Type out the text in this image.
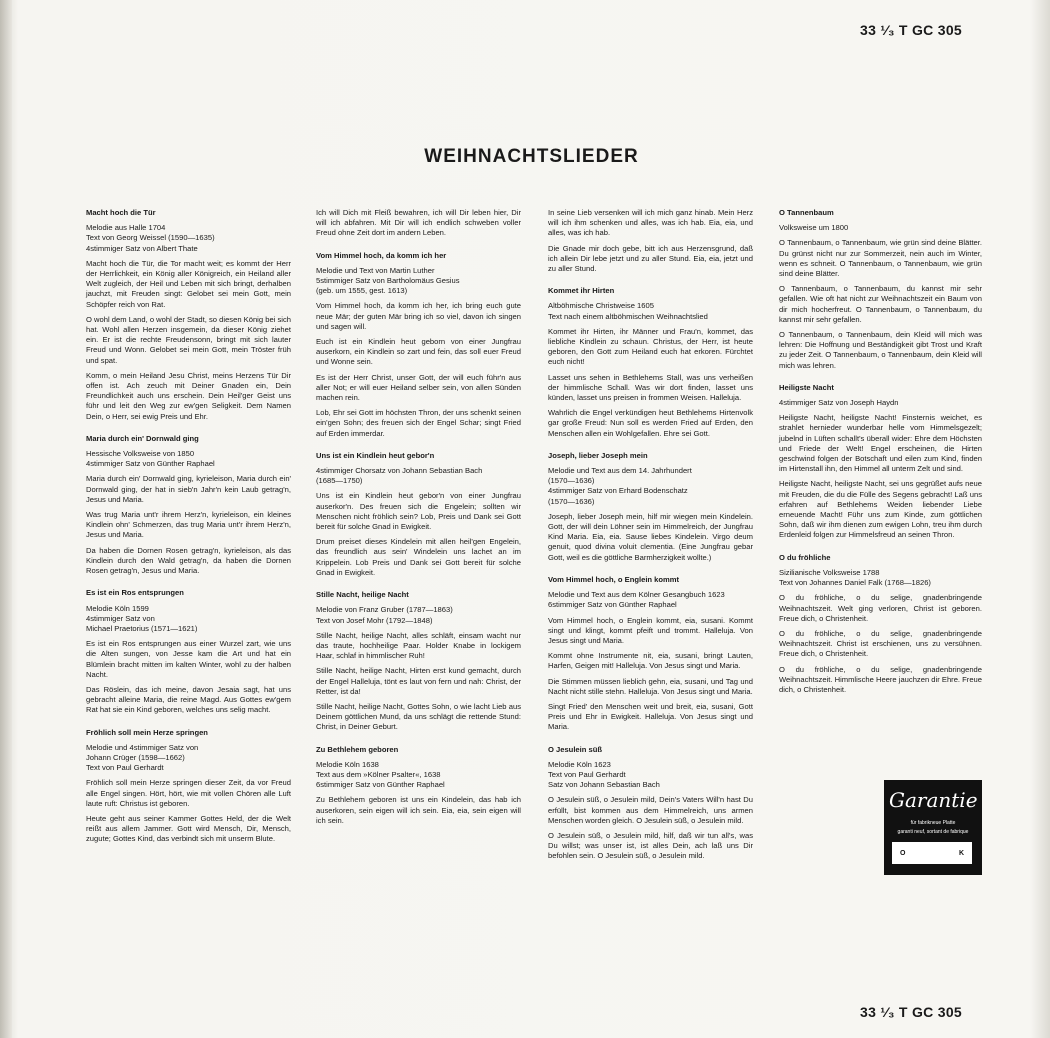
33 ¹⁄₃ T GC 305
33 ¹⁄₃ T GC 305
WEIHNACHTSLIEDER
Macht hoch die Tür
Melodie aus Halle 1704
Text von Georg Weissel (1590—1635)
4stimmiger Satz von Albert Thate

Macht hoch die Tür, die Tor macht weit; es kommt der Herr der Herrlichkeit, ein König aller Königreich, ein Heiland aller Welt zugleich, der Heil und Leben mit sich bringt, derhalben jauchzt, mit Freuden singt: Gelobet sei mein Gott, mein Schöpfer reich von Rat.

O wohl dem Land, o wohl der Stadt, so diesen König bei sich hat. Wohl allen Herzen insgemein, da dieser König ziehet ein. Er ist die rechte Freudensonn, bringt mit sich lauter Freud und Wonn. Gelobet sei mein Gott, mein Tröster früh und spat.

Komm, o mein Heiland Jesu Christ, meins Herzens Tür Dir offen ist. Ach zeuch mit Deiner Gnaden ein, Dein Freundlichkeit auch uns erschein. Dein Heil'ger Geist uns führ und leit den Weg zur ew'gen Seligkeit. Dem Namen Dein, o Herr, sei ewig Preis und Ehr.

Maria durch ein' Dornwald ging
Hessische Volksweise von 1850
4stimmiger Satz von Günther Raphael

Maria durch ein' Dornwald ging, kyrieleison, Maria durch ein' Dornwald ging, der hat in sieb'n Jahr'n kein Laub getrag'n, Jesus und Maria.

Was trug Maria unt'r ihrem Herz'n, kyrieleison, ein kleines Kindlein ohn' Schmerzen, das trug Maria unt'r ihrem Herz'n, Jesus und Maria.

Da haben die Dornen Rosen getrag'n, kyrieleison, als das Kindlein durch den Wald getrag'n, da haben die Dornen Rosen getrag'n, Jesus und Maria.

Es ist ein Ros entsprungen
Melodie Köln 1599
4stimmiger Satz von
Michael Praetorius (1571—1621)

Es ist ein Ros entsprungen aus einer Wurzel zart, wie uns die Alten sungen, von Jesse kam die Art und hat ein Blümlein bracht mitten im kalten Winter, wohl zu der halben Nacht.

Das Röslein, das ich meine, davon Jesaia sagt, hat uns gebracht alleine Maria, die reine Magd. Aus Gottes ew'gem Rat hat sie ein Kind geboren, welches uns selig macht.

Fröhlich soll mein Herze springen
Melodie und 4stimmiger Satz von
Johann Crüger (1598—1662)
Text von Paul Gerhardt

Fröhlich soll mein Herze springen dieser Zeit, da vor Freud alle Engel singen. Hört, hört, wie mit vollen Chören alle Luft laute ruft: Christus ist geboren.

Heute geht aus seiner Kammer Gottes Held, der die Welt reißt aus allem Jammer. Gott wird Mensch, Dir, Mensch, zugute; Gottes Kind, das verbindt sich mit unserm Blute.

Ich will Dich mit Fleiß bewahren, ich will Dir leben hier, Dir will ich abfahren. Mit Dir will ich endlich schweben voller Freud ohne Zeit dort im andern Leben.

Vom Himmel hoch, da komm ich her
Melodie und Text von Martin Luther
5stimmiger Satz von Bartholomäus Gesius
(geb. um 1555, gest. 1613)

Vom Himmel hoch, da komm ich her, ich bring euch gute neue Mär; der guten Mär bring ich so viel, davon ich singen und sagen will.

Euch ist ein Kindlein heut geborn von einer Jungfrau auserkorn, ein Kindlein so zart und fein, das soll euer Freud und Wonne sein.

Es ist der Herr Christ, unser Gott, der will euch führ'n aus aller Not; er will euer Heiland selber sein, von allen Sünden machen rein.

Lob, Ehr sei Gott im höchsten Thron, der uns schenkt seinen ein'gen Sohn; des freuen sich der Engel Schar; singt Fried auf Erden immerdar.

Uns ist ein Kindlein heut gebor'n
4stimmiger Chorsatz von Johann Sebastian Bach
(1685—1750)

Uns ist ein Kindlein heut gebor'n von einer Jungfrau auserkor'n. Des freuen sich die Engelein; sollten wir Menschen nicht fröhlich sein? Lob, Preis und Dank sei Gott bereit für solche Gnad in Ewigkeit.

Drum preiset dieses Kindelein mit allen heil'gen Engelein, das freundlich aus sein' Windelein uns lachet an im Krippelein. Lob Preis und Dank sei Gott bereit für solche Gnad in Ewigkeit.

Stille Nacht, heilige Nacht
Melodie von Franz Gruber (1787—1863)
Text von Josef Mohr (1792—1848)

Stille Nacht, heilige Nacht, alles schläft, einsam wacht nur das traute, hochheilige Paar. Holder Knabe in lockigem Haar, schlaf in himmlischer Ruh!

Stille Nacht, heilige Nacht, Hirten erst kund gemacht, durch der Engel Halleluja, tönt es laut von fern und nah: Christ, der Retter, ist da!

Stille Nacht, heilige Nacht, Gottes Sohn, o wie lacht Lieb aus Deinem göttlichen Mund, da uns schlägt die rettende Stund: Christ, in Deiner Geburt.

Zu Bethlehem geboren
Melodie Köln 1638
Text aus dem »Kölner Psalter«, 1638
6stimmiger Satz von Günther Raphael

Zu Bethlehem geboren ist uns ein Kindelein, das hab ich auserkoren, sein eigen will ich sein. Eia, eia, sein eigen will ich sein.

In seine Lieb versenken will ich mich ganz hinab. Mein Herz will ich ihm schenken und alles, was ich hab. Eia, eia, und alles, was ich hab.

Die Gnade mir doch gebe, bitt ich aus Herzensgrund, daß ich allein Dir lebe jetzt und zu aller Stund. Eia, eia, jetzt und zu aller Stund.

Kommet ihr Hirten
Altböhmische Christweise 1605
Text nach einem altböhmischen Weihnachtslied

Kommet ihr Hirten, ihr Männer und Frau'n, kommet, das liebliche Kindlein zu schaun. Christus, der Herr, ist heute geboren, den Gott zum Heiland euch hat erkoren. Fürchtet euch nicht!

Lasset uns sehen in Bethlehems Stall, was uns verheißen der himmlische Schall. Was wir dort finden, lasset uns künden, lasset uns preisen in frommen Weisen. Halleluja.

Wahrlich die Engel verkündigen heut Bethlehems Hirtenvolk gar große Freud: Nun soll es werden Fried auf Erden, den Menschen allen ein Wohlgefallen. Ehre sei Gott.

Joseph, lieber Joseph mein
Melodie und Text aus dem 14. Jahrhundert
(1570—1636)
4stimmiger Satz von Erhard Bodenschatz
(1570—1636)

Joseph, lieber Joseph mein, hilf mir wiegen mein Kindelein. Gott, der will dein Löhner sein im Himmelreich, der Jungfrau Kind Maria. Eia, eia. Sause liebes Kindelein. Virgo deum genuit, quod divina voluit clementia. (Eine Jungfrau gebar Gott, weil es die göttliche Barmherzigkeit wollte.)

Vom Himmel hoch, o Englein kommt
Melodie und Text aus dem Kölner Gesangbuch 1623
6stimmiger Satz von Günther Raphael

Vom Himmel hoch, o Englein kommt, eia, susani. Kommt singt und klingt, kommt pfeift und trommt. Halleluja. Von Jesus singt und Maria.

Kommt ohne Instrumente nit, eia, susani, bringt Lauten, Harfen, Geigen mit! Halleluja. Von Jesus singt und Maria.

Die Stimmen müssen lieblich gehn, eia, susani, und Tag und Nacht nicht stille stehn. Halleluja. Von Jesus singt und Maria.

Singt Fried' den Menschen weit und breit, eia, susani, Gott Preis und Ehr in Ewigkeit. Halleluja. Von Jesus singt und Maria.

O Jesulein süß
Melodie Köln 1623
Text von Paul Gerhardt
Satz von Johann Sebastian Bach

O Jesulein süß, o Jesulein mild, Dein's Vaters Will'n hast Du erfüllt, bist kommen aus dem Himmelreich, uns armen Menschen worden gleich. O Jesulein süß, o Jesulein mild.

O Jesulein süß, o Jesulein mild, hilf, daß wir tun all's, was Du willst; was unser ist, ist alles Dein, ach laß uns Dir befohlen sein. O Jesulein süß, o Jesulein mild.

O Tannenbaum
Volksweise um 1800

O Tannenbaum, o Tannenbaum, wie grün sind deine Blätter. Du grünst nicht nur zur Sommerzeit, nein auch im Winter, wenn es schneit. O Tannenbaum, o Tannenbaum, wie grün sind deine Blätter.

O Tannenbaum, o Tannenbaum, du kannst mir sehr gefallen. Wie oft hat nicht zur Weihnachtszeit ein Baum von dir mich hocherfreut. O Tannenbaum, o Tannenbaum, du kannst mir sehr gefallen.

O Tannenbaum, o Tannenbaum, dein Kleid will mich was lehren: Die Hoffnung und Beständigkeit gibt Trost und Kraft zu jeder Zeit. O Tannenbaum, o Tannenbaum, dein Kleid will mich was lehren.

Heiligste Nacht
4stimmiger Satz von Joseph Haydn

Heiligste Nacht, heiligste Nacht! Finsternis weichet, es strahlet hernieder wunderbar helle vom Himmelsgezelt; jubelnd in Lüften schallt's überall wider: Ehre dem Höchsten und Friede der Welt! Engel erscheinen, die Hirten geschwind folgen der Botschaft und eilen zum Kind, finden im Hirtenstall ihn, den Himmel all unterm Zelt und sind.

Heiligste Nacht, heiligste Nacht, sei uns gegrüßet aufs neue mit Freuden, die du die Fülle des Segens gebracht! Laß uns erfahren auf Bethlehems Weiden liebender Liebe erneuende Macht! Führ uns zum Kinde, zum göttlichen Sohn, daß wir ihm dienen zum ewigen Lohn, treu ihm durch Erdenleid folgen zur Himmelsfreud an seinen Thron.

O du fröhliche
Sizilianische Volksweise 1788
Text von Johannes Daniel Falk (1768—1826)

O du fröhliche, o du selige, gnadenbringende Weihnachtszeit. Welt ging verloren, Christ ist geboren. Freue dich, o Christenheit.

O du fröhliche, o du selige, gnadenbringende Weihnachtszeit. Christ ist erschienen, uns zu versühnen. Freue dich, o Christenheit.

O du fröhliche, o du selige, gnadenbringende Weihnachtszeit. Himmlische Heere jauchzen dir Ehre. Freue dich, o Christenheit.

Garantie
für fabrikneue Platte
garanti neuf, sortant de fabrique
O	K
